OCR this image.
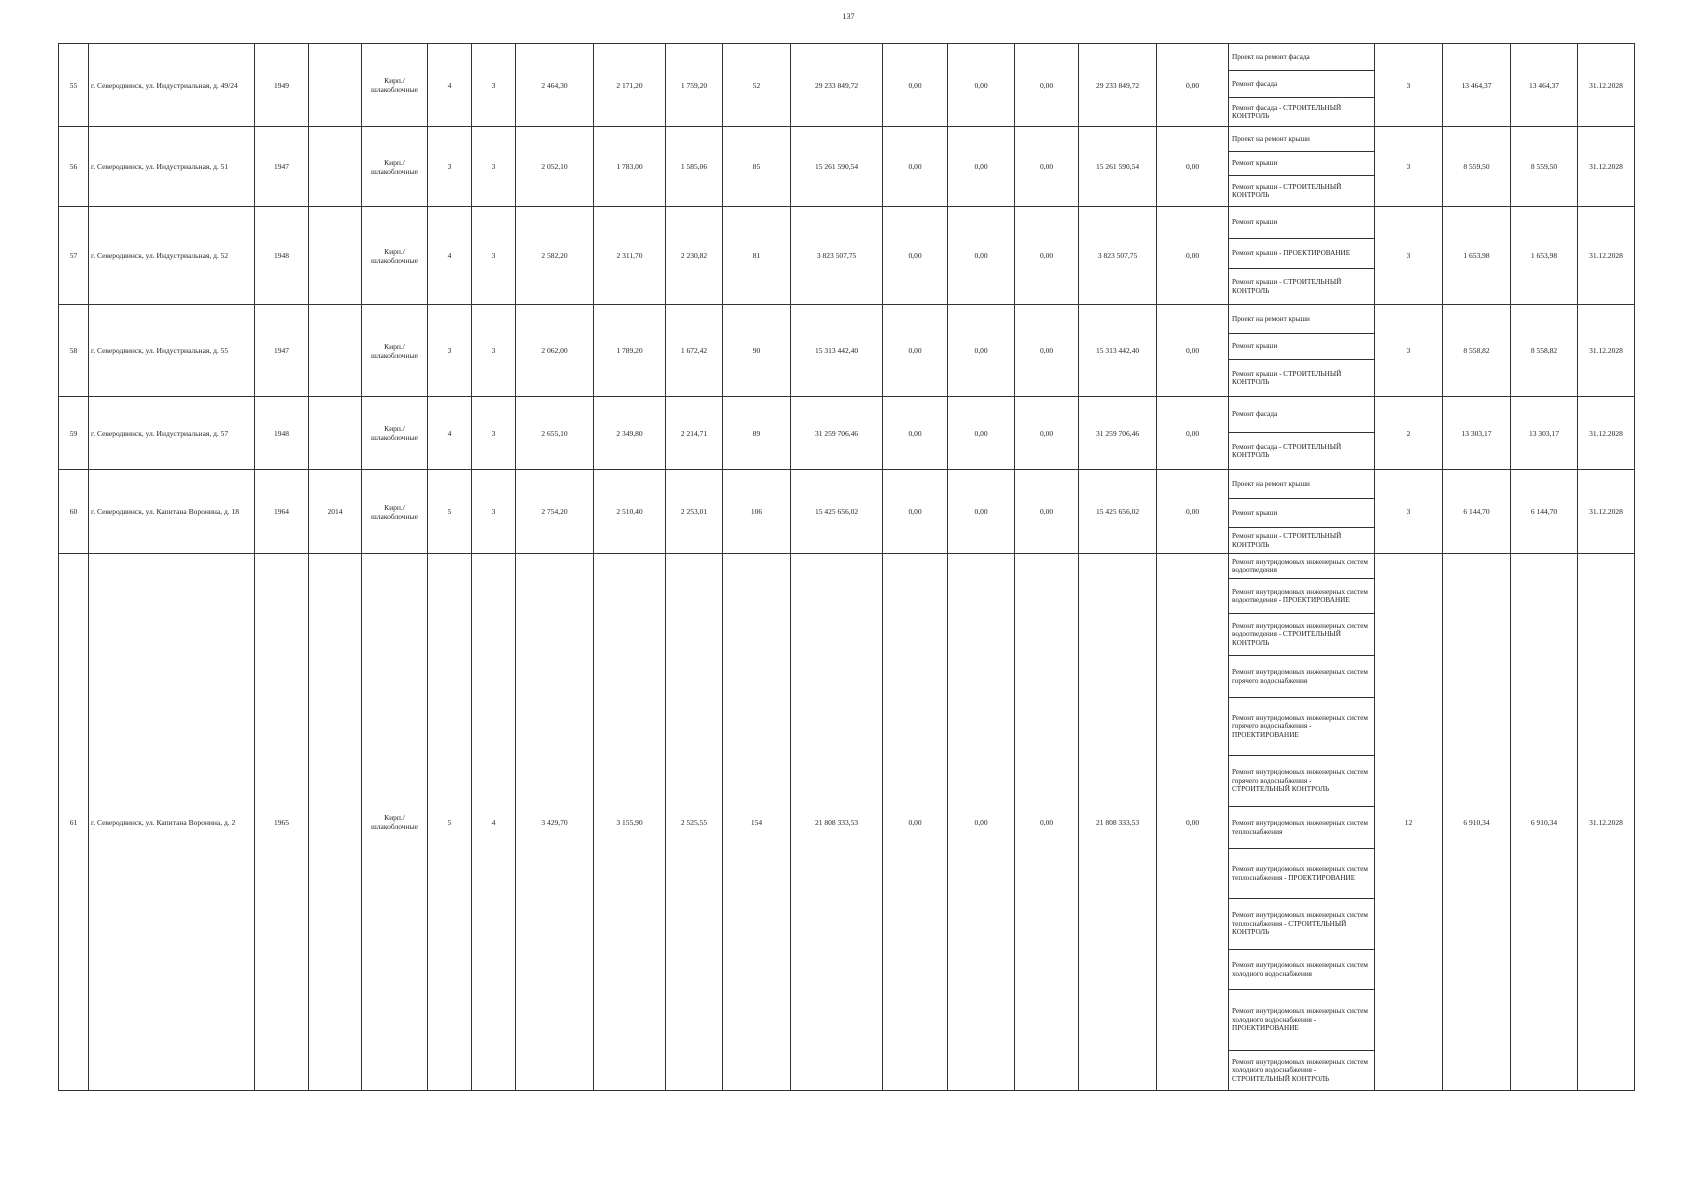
137
55	г. Северодвинск, ул. Индустриальная, д. 49/24	1949		Кирп./ шлакоблочные	4	3	2 464,30	2 171,20	1 759,20	52	29 233 849,72	0,00	0,00	0,00	29 233 849,72	0,00	Проект на ремонт фасада	3	13 464,37	13 464,37	31.12.2028
																	Ремонт фасада				
																	Ремонт фасада - СТРОИТЕЛЬНЫЙ КОНТРОЛЬ				
56	г. Северодвинск, ул. Индустриальная, д. 51	1947		Кирп./ шлакоблочные	3	3	2 052,10	1 783,00	1 585,06	85	15 261 590,54	0,00	0,00	0,00	15 261 590,54	0,00	Проект на ремонт крыши	3	8 559,50	8 559,50	31.12.2028
																	Ремонт крыши				
																	Ремонт крыши - СТРОИТЕЛЬНЫЙ КОНТРОЛЬ				
57	г. Северодвинск, ул. Индустриальная, д. 52	1948		Кирп./ шлакоблочные	4	3	2 582,20	2 311,70	2 230,82	81	3 823 507,75	0,00	0,00	0,00	3 823 507,75	0,00	Ремонт крыши	3	1 653,98	1 653,98	31.12.2028
																	Ремонт крыши - ПРОЕКТИРОВАНИЕ				
																	Ремонт крыши - СТРОИТЕЛЬНЫЙ КОНТРОЛЬ				
58	г. Северодвинск, ул. Индустриальная, д. 55	1947		Кирп./ шлакоблочные	3	3	2 062,00	1 789,20	1 672,42	90	15 313 442,40	0,00	0,00	0,00	15 313 442,40	0,00	Проект на ремонт крыши	3	8 558,82	8 558,82	31.12.2028
																	Ремонт крыши				
																	Ремонт крыши - СТРОИТЕЛЬНЫЙ КОНТРОЛЬ				
59	г. Северодвинск, ул. Индустриальная, д. 57	1948		Кирп./ шлакоблочные	4	3	2 655,10	2 349,80	2 214,71	89	31 259 706,46	0,00	0,00	0,00	31 259 706,46	0,00	Ремонт фасада	2	13 303,17	13 303,17	31.12.2028
																	Ремонт фасада - СТРОИТЕЛЬНЫЙ КОНТРОЛЬ				
60	г. Северодвинск, ул. Капитана Воронина, д. 18	1964	2014	Кирп./ шлакоблочные	5	3	2 754,20	2 510,40	2 253,01	106	15 425 656,02	0,00	0,00	0,00	15 425 656,02	0,00	Проект на ремонт крыши	3	6 144,70	6 144,70	31.12.2028
																	Ремонт крыши				
																	Ремонт крыши - СТРОИТЕЛЬНЫЙ КОНТРОЛЬ				
61	г. Северодвинск, ул. Капитана Воронина, д. 2	1965		Кирп./ шлакоблочные	5	4	3 429,70	3 155,90	2 525,55	154	21 808 333,53	0,00	0,00	0,00	21 808 333,53	0,00	Ремонт внутридомовых инженерных систем водоотведения	12	6 910,34	6 910,34	31.12.2028
																	Ремонт внутридомовых инженерных систем водоотведения - ПРОЕКТИРОВАНИЕ				
																	Ремонт внутридомовых инженерных систем водоотведения - СТРОИТЕЛЬНЫЙ КОНТРОЛЬ				
																	Ремонт внутридомовых инженерных систем горячего водоснабжения				
																	Ремонт внутридомовых инженерных систем горячего водоснабжения - ПРОЕКТИРОВАНИЕ				
																	Ремонт внутридомовых инженерных систем горячего водоснабжения - СТРОИТЕЛЬНЫЙ КОНТРОЛЬ				
																	Ремонт внутридомовых инженерных систем теплоснабжения				
																	Ремонт внутридомовых инженерных систем теплоснабжения - ПРОЕКТИРОВАНИЕ				
																	Ремонт внутридомовых инженерных систем теплоснабжения - СТРОИТЕЛЬНЫЙ КОНТРОЛЬ				
																	Ремонт внутридомовых инженерных систем холодного водоснабжения				
																	Ремонт внутридомовых инженерных систем холодного водоснабжения - ПРОЕКТИРОВАНИЕ				
																	Ремонт внутридомовых инженерных систем холодного водоснабжения - СТРОИТЕЛЬНЫЙ КОНТРОЛЬ				
